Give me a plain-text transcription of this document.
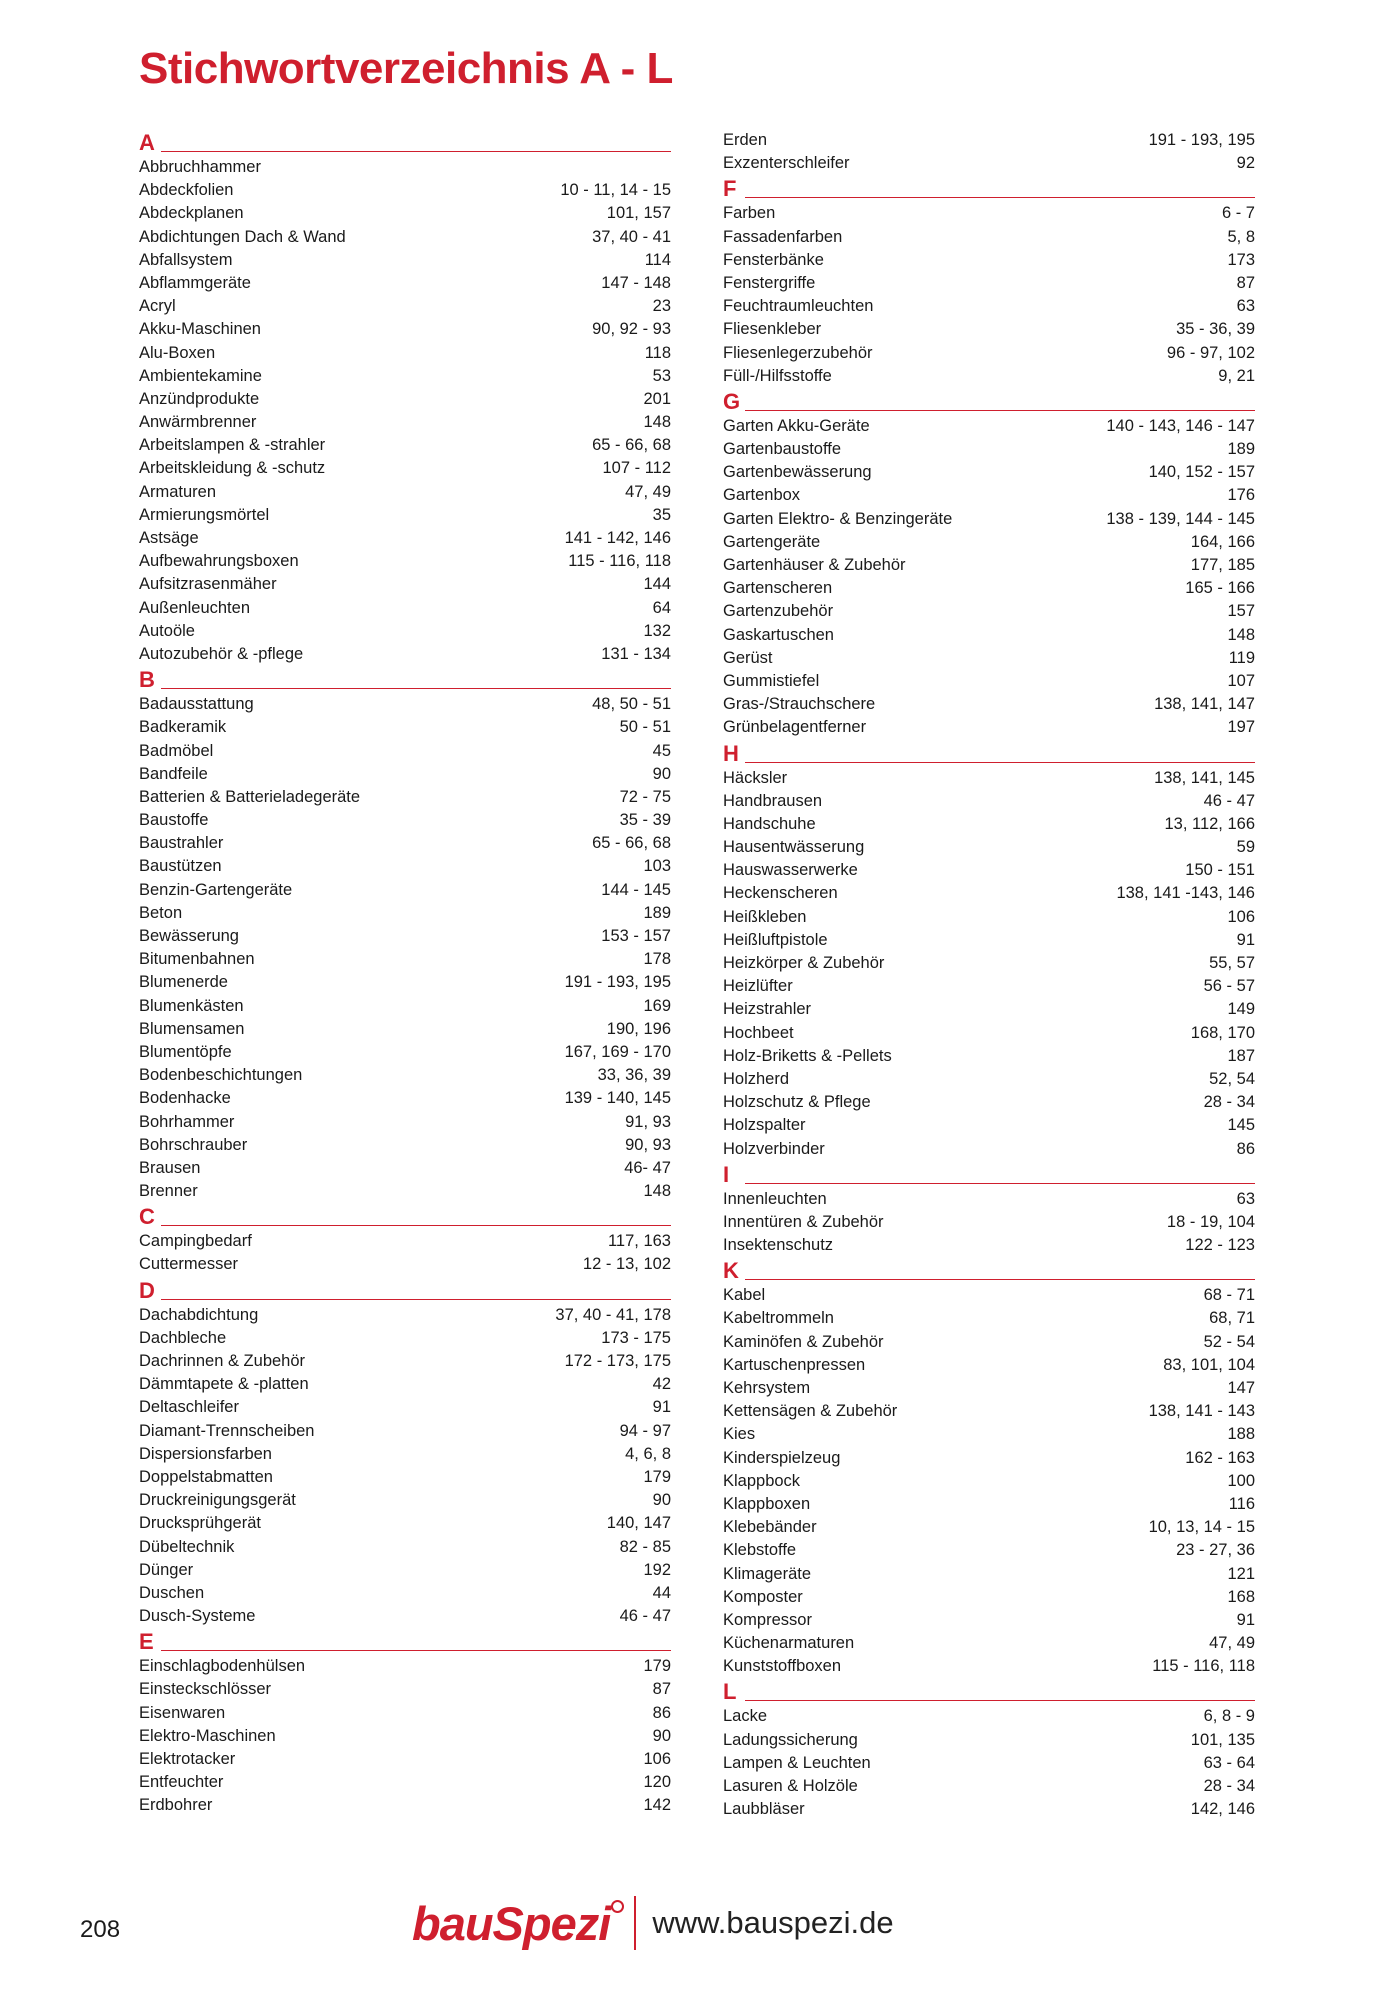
Stichwortverzeichnis A - L
A
Abbruchhammer
Abdeckfolien	10 - 11, 14 - 15
Abdeckplanen	101, 157
Abdichtungen Dach & Wand	37, 40 - 41
Abfallsystem	114
Abflammgeräte	147 - 148
Acryl	23
Akku-Maschinen	90, 92 - 93
Alu-Boxen	118
Ambientekamine	53
Anzündprodukte	201
Anwärmbrenner	148
Arbeitslampen & -strahler	65 - 66, 68
Arbeitskleidung & -schutz	107 - 112
Armaturen	47, 49
Armierungsmörtel	35
Astsäge	141 - 142, 146
Aufbewahrungsboxen	115 - 116, 118
Aufsitzrasenmäher	144
Außenleuchten	64
Autoöle	132
Autozubehör & -pflege	131 - 134
B
Badausstattung	48, 50 - 51
Badkeramik	50 - 51
Badmöbel	45
Bandfeile	90
Batterien & Batterieladegeräte	72 - 75
Baustoffe	35 - 39
Baustrahler	65 - 66, 68
Baustützen	103
Benzin-Gartengeräte	144 - 145
Beton	189
Bewässerung	153 - 157
Bitumenbahnen	178
Blumenerde	191 - 193, 195
Blumenkästen	169
Blumensamen	190, 196
Blumentöpfe	167, 169 - 170
Bodenbeschichtungen	33, 36, 39
Bodenhacke	139 - 140, 145
Bohrhammer	91, 93
Bohrschrauber	90, 93
Brausen	46- 47
Brenner	148
C
Campingbedarf	117, 163
Cuttermesser	12 - 13, 102
D
Dachabdichtung	37, 40 - 41, 178
Dachbleche	173 - 175
Dachrinnen & Zubehör	172 - 173, 175
Dämmtapete & -platten	42
Deltaschleifer	91
Diamant-Trennscheiben	94 - 97
Dispersionsfarben	4, 6, 8
Doppelstabmatten	179
Druckreinigungsgerät	90
Drucksprühgerät	140, 147
Dübeltechnik	82 - 85
Dünger	192
Duschen	44
Dusch-Systeme	46 - 47
E
Einschlagbodenhülsen	179
Einsteckschlösser	87
Eisenwaren	86
Elektro-Maschinen	90
Elektrotacker	106
Entfeuchter	120
Erdbohrer	142
Erden	191 - 193, 195
Exzenterschleifer	92
F
Farben	6 - 7
Fassadenfarben	5, 8
Fensterbänke	173
Fenstergriffe	87
Feuchtraumleuchten	63
Fliesenkleber	35 - 36, 39
Fliesenlegerzubehör	96 - 97, 102
Füll-/Hilfsstoffe	9, 21
G
Garten Akku-Geräte	140 - 143, 146 - 147
Gartenbaustoffe	189
Gartenbewässerung	140, 152 - 157
Gartenbox	176
Garten Elektro- & Benzingeräte	138 - 139, 144 - 145
Gartengeräte	164, 166
Gartenhäuser & Zubehör	177, 185
Gartenscheren	165 - 166
Gartenzubehör	157
Gaskartuschen	148
Gerüst	119
Gummistiefel	107
Gras-/Strauchschere	138, 141, 147
Grünbelagentferner	197
H
Häcksler	138, 141, 145
Handbrausen	46 - 47
Handschuhe	13, 112, 166
Hausentwässerung	59
Hauswasserwerke	150 - 151
Heckenscheren	138, 141 -143, 146
Heißkleben	106
Heißluftpistole	91
Heizkörper & Zubehör	55, 57
Heizlüfter	56 - 57
Heizstrahler	149
Hochbeet	168, 170
Holz-Briketts & -Pellets	187
Holzherd	52, 54
Holzschutz & Pflege	28 - 34
Holzspalter	145
Holzverbinder	86
I
Innenleuchten	63
Innentüren & Zubehör	18 - 19, 104
Insektenschutz	122 - 123
K
Kabel	68 - 71
Kabeltrommeln	68, 71
Kaminöfen & Zubehör	52 - 54
Kartuschenpressen	83, 101, 104
Kehrsystem	147
Kettensägen & Zubehör	138, 141 - 143
Kies	188
Kinderspielzeug	162 - 163
Klappbock	100
Klappboxen	116
Klebebänder	10, 13, 14 - 15
Klebstoffe	23 - 27, 36
Klimageräte	121
Komposter	168
Kompressor	91
Küchenarmaturen	47, 49
Kunststoffboxen	115 - 116, 118
L
Lacke	6, 8 - 9
Ladungssicherung	101, 135
Lampen & Leuchten	63 - 64
Lasuren & Holzöle	28 - 34
Laubbläser	142, 146
208	bauSpezi www.bauspezi.de
